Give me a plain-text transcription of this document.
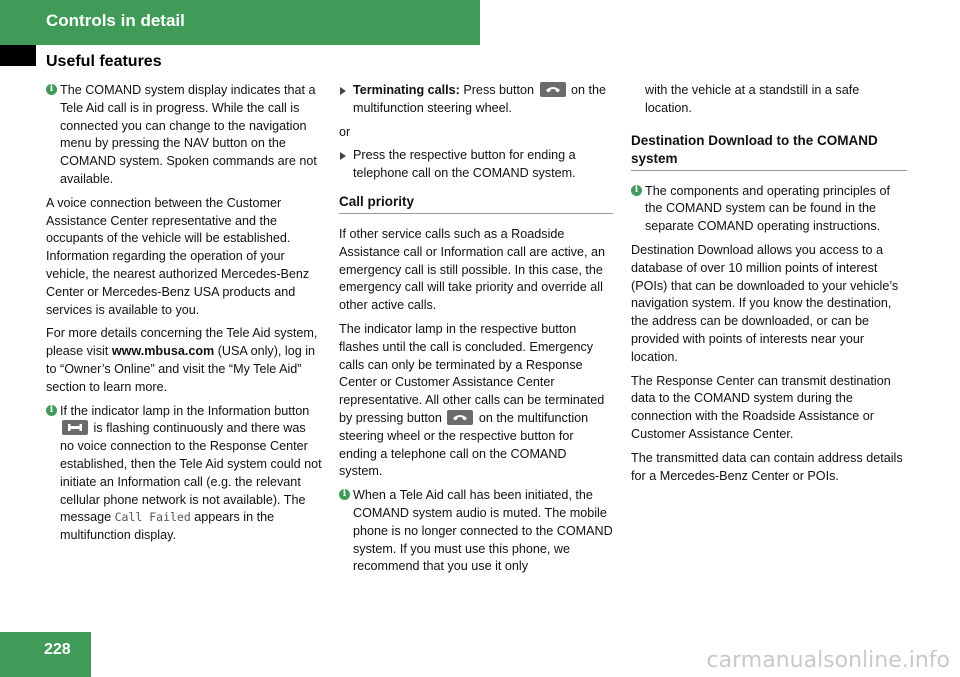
Controls in detail
Useful features
i The COMAND system display indicates that a Tele Aid call is in progress. While the call is connected you can change to the navigation menu by pressing the NAV button on the COMAND system. Spoken commands are not available.

A voice connection between the Customer Assistance Center representative and the occupants of the vehicle will be established. Information regarding the operation of your vehicle, the nearest authorized Mercedes-Benz Center or Mercedes-Benz USA products and services is available to you.

For more details concerning the Tele Aid system, please visit www.mbusa.com (USA only), log in to “Owner’s Online” and visit the “My Tele Aid” section to learn more.

i If the indicator lamp in the Information button
is flashing continuously and there was no voice connection to the Response Center established, then the Tele Aid system could not initiate an Information call (e.g. the relevant cellular phone network is not available). The message Call Failed appears in the multifunction display.
Terminating calls: Press button
on the multifunction steering wheel.

or

Press the respective button for ending a telephone call on the COMAND system.
Call priority

If other service calls such as a Roadside Assistance call or Information call are active, an emergency call is still possible. In this case, the emergency call will take priority and override all other active calls.

The indicator lamp in the respective button flashes until the call is concluded. Emergency calls can only be terminated by a Response Center or Customer Assistance Center representative. All other calls can be terminated by pressing button
on the multifunction steering wheel or the respective button for ending a telephone call on the COMAND system.

i When a Tele Aid call has been initiated, the COMAND system audio is muted. The mobile phone is no longer connected to the COMAND system. If you must use this phone, we recommend that you use it only

with the vehicle at a standstill in a safe location.

Destination Download to the COMAND system
i The components and operating principles of the COMAND system can be found in the separate COMAND operating instructions.

Destination Download allows you access to a database of over 10 million points of interest (POIs) that can be downloaded to your vehicle’s navigation system. If you know the destination, the address can be downloaded, or can be provided with points of interests near your location.

The Response Center can transmit destination data to the COMAND system during the connection with the Roadside Assistance or Customer Assistance Center.

The transmitted data can contain address details for a Mercedes-Benz Center or POIs.

228	carmanualsonline.info
